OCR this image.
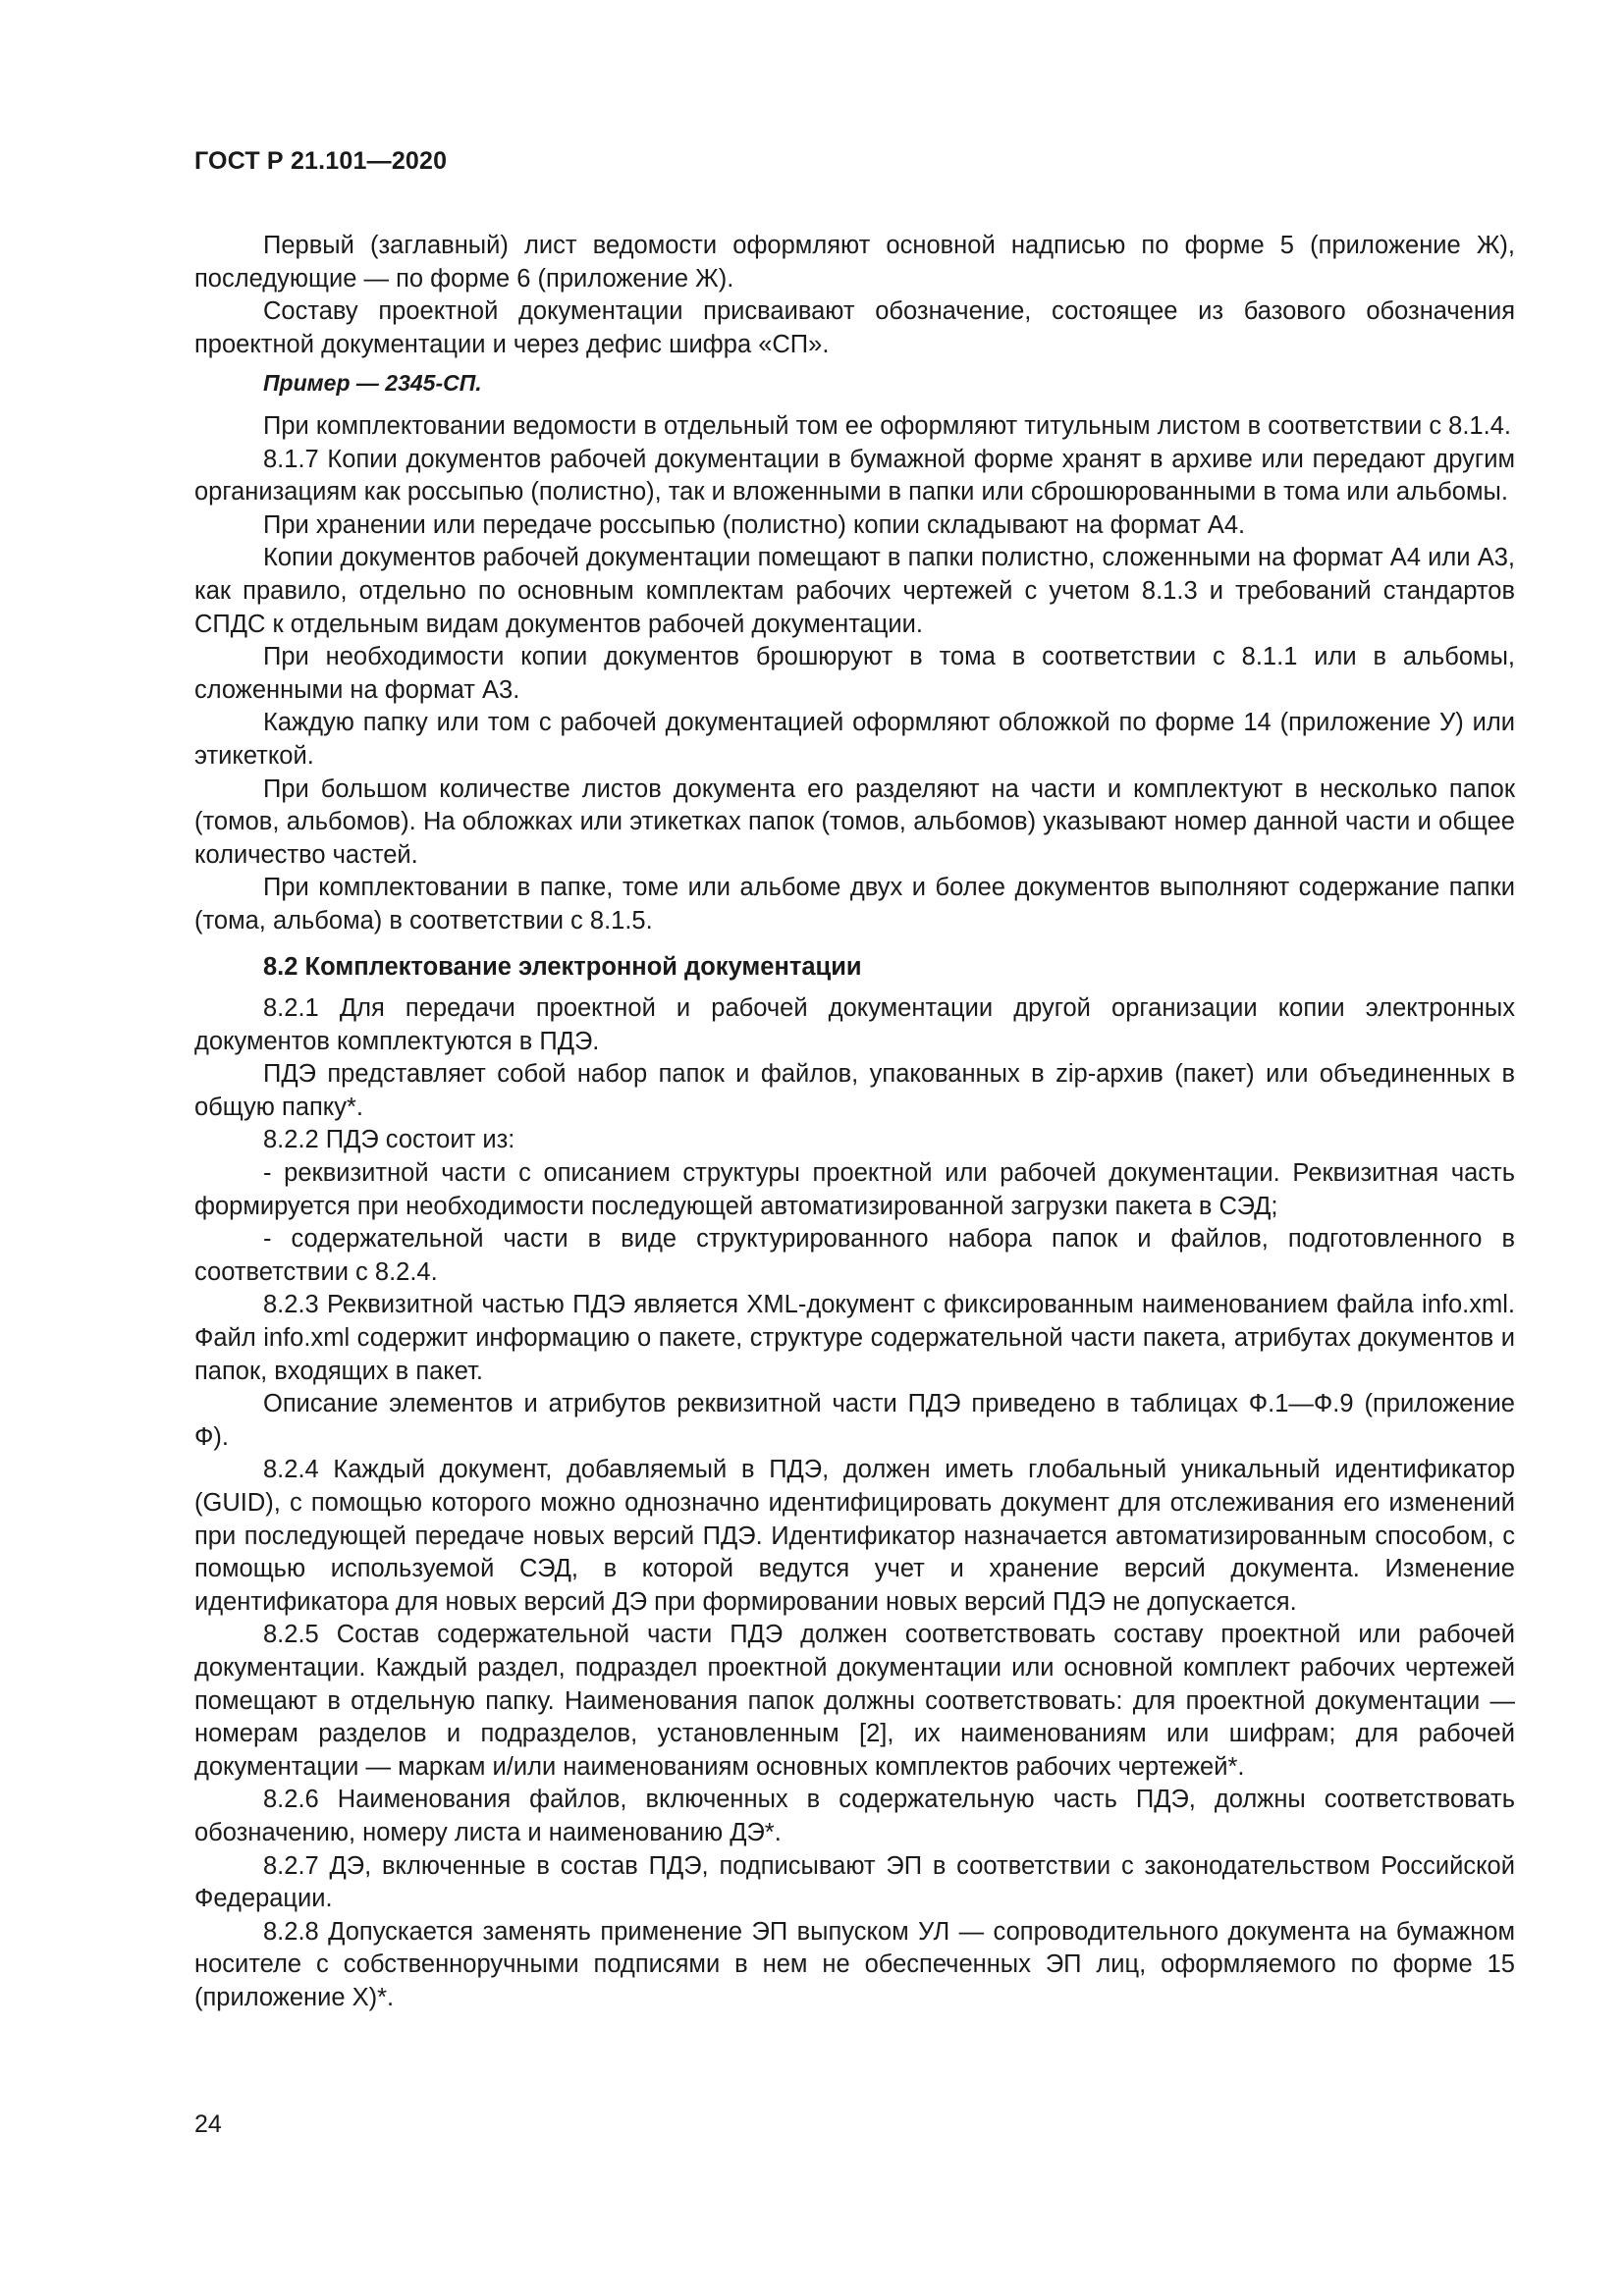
ГОСТ Р 21.101—2020

Первый (заглавный) лист ведомости оформляют основной надписью по форме 5 (приложение Ж), последующие — по форме 6 (приложение Ж).

Составу проектной документации присваивают обозначение, состоящее из базового обозначения проектной документации и через дефис шифра «СП».

Пример — 2345-СП.

При комплектовании ведомости в отдельный том ее оформляют титульным листом в соответствии с 8.1.4.

8.1.7 Копии документов рабочей документации в бумажной форме хранят в архиве или передают другим организациям как россыпью (полистно), так и вложенными в папки или сброшюрованными в тома или альбомы.

При хранении или передаче россыпью (полистно) копии складывают на формат А4.

Копии документов рабочей документации помещают в папки полистно, сложенными на формат А4 или А3, как правило, отдельно по основным комплектам рабочих чертежей с учетом 8.1.3 и требований стандартов СПДС к отдельным видам документов рабочей документации.

При необходимости копии документов брошюруют в тома в соответствии с 8.1.1 или в альбомы, сложенными на формат А3.

Каждую папку или том с рабочей документацией оформляют обложкой по форме 14 (приложение У) или этикеткой.

При большом количестве листов документа его разделяют на части и комплектуют в несколько папок (томов, альбомов). На обложках или этикетках папок (томов, альбомов) указывают номер данной части и общее количество частей.

При комплектовании в папке, томе или альбоме двух и более документов выполняют содержание папки (тома, альбома) в соответствии с 8.1.5.

8.2 Комплектование электронной документации

8.2.1 Для передачи проектной и рабочей документации другой организации копии электронных документов комплектуются в ПДЭ.

ПДЭ представляет собой набор папок и файлов, упакованных в zip-архив (пакет) или объединенных в общую папку*.

8.2.2 ПДЭ состоит из:

- реквизитной части с описанием структуры проектной или рабочей документации. Реквизитная часть формируется при необходимости последующей автоматизированной загрузки пакета в СЭД;

- содержательной части в виде структурированного набора папок и файлов, подготовленного в соответствии с 8.2.4.

8.2.3 Реквизитной частью ПДЭ является XML-документ с фиксированным наименованием файла info.xml. Файл info.xml содержит информацию о пакете, структуре содержательной части пакета, атрибутах документов и папок, входящих в пакет.

Описание элементов и атрибутов реквизитной части ПДЭ приведено в таблицах Ф.1—Ф.9 (приложение Ф).

8.2.4 Каждый документ, добавляемый в ПДЭ, должен иметь глобальный уникальный идентификатор (GUID), с помощью которого можно однозначно идентифицировать документ для отслеживания его изменений при последующей передаче новых версий ПДЭ. Идентификатор назначается автоматизированным способом, с помощью используемой СЭД, в которой ведутся учет и хранение версий документа. Изменение идентификатора для новых версий ДЭ при формировании новых версий ПДЭ не допускается.

8.2.5 Состав содержательной части ПДЭ должен соответствовать составу проектной или рабочей документации. Каждый раздел, подраздел проектной документации или основной комплект рабочих чертежей помещают в отдельную папку. Наименования папок должны соответствовать: для проектной документации — номерам разделов и подразделов, установленным [2], их наименованиям или шифрам; для рабочей документации — маркам и/или наименованиям основных комплектов рабочих чертежей*.

8.2.6 Наименования файлов, включенных в содержательную часть ПДЭ, должны соответствовать обозначению, номеру листа и наименованию ДЭ*.

8.2.7 ДЭ, включенные в состав ПДЭ, подписывают ЭП в соответствии с законодательством Российской Федерации.

8.2.8 Допускается заменять применение ЭП выпуском УЛ — сопроводительного документа на бумажном носителе с собственноручными подписями в нем не обеспеченных ЭП лиц, оформляемого по форме 15 (приложение Х)*.

24
